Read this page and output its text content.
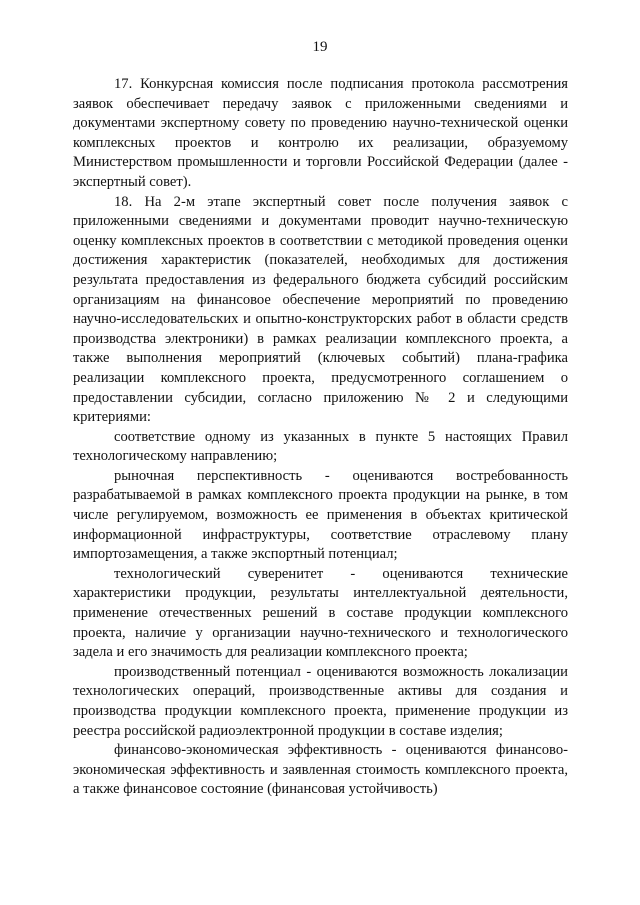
19

17. Конкурсная комиссия после подписания протокола рассмотрения заявок обеспечивает передачу заявок с приложенными сведениями и документами экспертному совету по проведению научно-технической оценки комплексных проектов и контролю их реализации, образуемому Министерством промышленности и торговли Российской Федерации (далее - экспертный совет).

18. На 2-м этапе экспертный совет после получения заявок с приложенными сведениями и документами проводит научно-техническую оценку комплексных проектов в соответствии с методикой проведения оценки достижения характеристик (показателей, необходимых для достижения результата предоставления из федерального бюджета субсидий российским организациям на финансовое обеспечение мероприятий по проведению научно-исследовательских и опытно-конструкторских работ в области средств производства электроники) в рамках реализации комплексного проекта, а также выполнения мероприятий (ключевых событий) плана-графика реализации комплексного проекта, предусмотренного соглашением о предоставлении субсидии, согласно приложению № 2 и следующими критериями:

соответствие одному из указанных в пункте 5 настоящих Правил технологическому направлению;

рыночная перспективность - оцениваются востребованность разрабатываемой в рамках комплексного проекта продукции на рынке, в том числе регулируемом, возможность ее применения в объектах критической информационной инфраструктуры, соответствие отраслевому плану импортозамещения, а также экспортный потенциал;

технологический суверенитет - оцениваются технические характеристики продукции, результаты интеллектуальной деятельности, применение отечественных решений в составе продукции комплексного проекта, наличие у организации научно-технического и технологического задела и его значимость для реализации комплексного проекта;

производственный потенциал - оцениваются возможность локализации технологических операций, производственные активы для создания и производства продукции комплексного проекта, применение продукции из реестра российской радиоэлектронной продукции в составе изделия;

финансово-экономическая эффективность - оцениваются финансово-экономическая эффективность и заявленная стоимость комплексного проекта, а также финансовое состояние (финансовая устойчивость)
